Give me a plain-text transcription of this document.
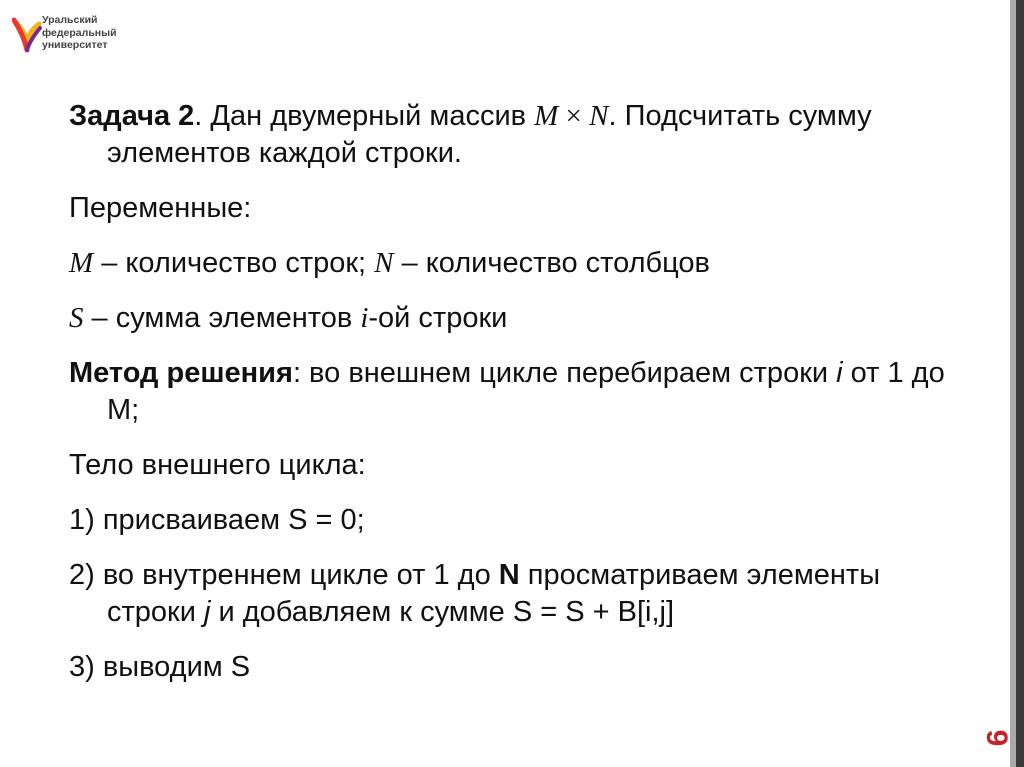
Уральский
федеральный
университет
9

Задача 2. Дан двумерный массив M × N. Подсчитать сумму элементов каждой строки.

Переменные:

M – количество строк; N – количество столбцов

S – сумма элементов i-ой строки

Метод решения: во внешнем цикле перебираем строки i от 1 до M;

Тело внешнего цикла:

1) присваиваем S = 0;

2) во внутреннем цикле от 1 до N просматриваем элементы строки j и добавляем к сумме S = S + B[i,j]

3) выводим S
